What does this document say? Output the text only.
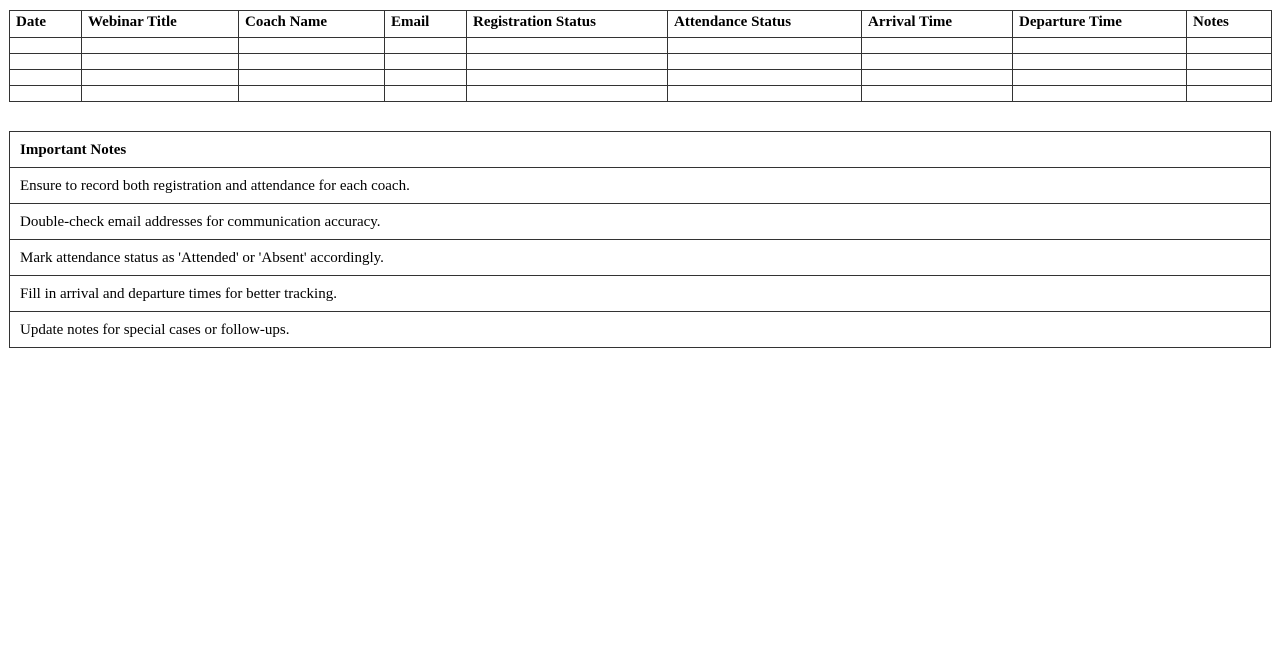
Date	Webinar Title	Coach Name	Email	Registration Status	Attendance Status	Arrival Time	Departure Time	Notes

Important Notes
Ensure to record both registration and attendance for each coach.
Double-check email addresses for communication accuracy.
Mark attendance status as 'Attended' or 'Absent' accordingly.
Fill in arrival and departure times for better tracking.
Update notes for special cases or follow-ups.
